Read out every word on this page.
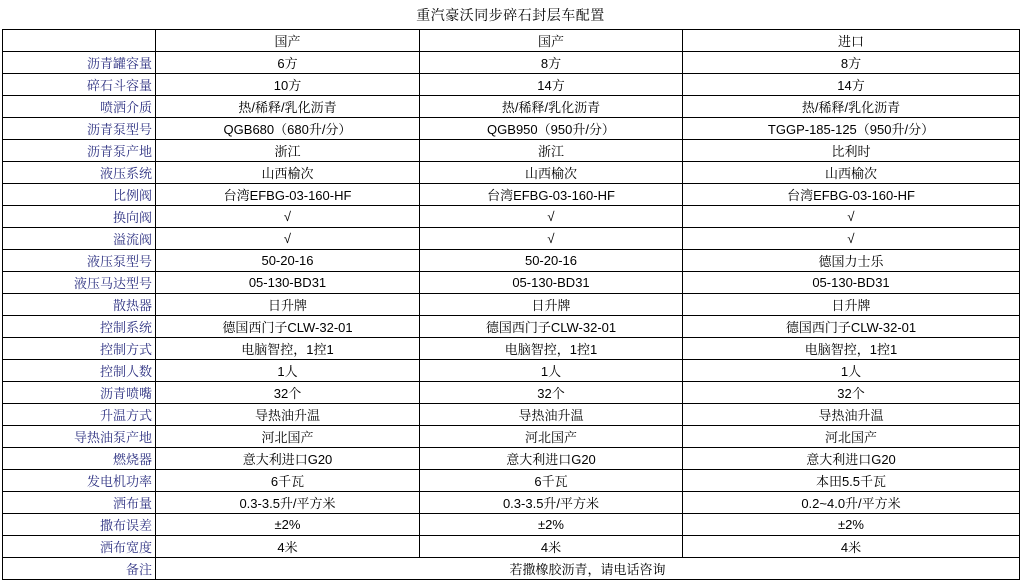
重汽豪沃同步碎石封层车配置
	国产	国产	进口
沥青罐容量	6方	8方	8方
碎石斗容量	10方	14方	14方
喷洒介质	热/稀释/乳化沥青	热/稀释/乳化沥青	热/稀释/乳化沥青
沥青泵型号	QGB680（680升/分）	QGB950（950升/分）	TGGP-185-125（950升/分）
沥青泵产地	浙江	浙江	比利时
液压系统	山西榆次	山西榆次	山西榆次
比例阀	台湾EFBG-03-160-HF	台湾EFBG-03-160-HF	台湾EFBG-03-160-HF
换向阀	√	√	√
溢流阀	√	√	√
液压泵型号	50-20-16	50-20-16	德国力士乐
液压马达型号	05-130-BD31	05-130-BD31	05-130-BD31
散热器	日升牌	日升牌	日升牌
控制系统	德国西门子CLW-32-01	德国西门子CLW-32-01	德国西门子CLW-32-01
控制方式	电脑智控，1控1	电脑智控，1控1	电脑智控，1控1
控制人数	1人	1人	1人
沥青喷嘴	32个	32个	32个
升温方式	导热油升温	导热油升温	导热油升温
导热油泵产地	河北国产	河北国产	河北国产
燃烧器	意大利进口G20	意大利进口G20	意大利进口G20
发电机功率	6千瓦	6千瓦	本田5.5千瓦
洒布量	0.3-3.5升/平方米	0.3-3.5升/平方米	0.2~4.0升/平方米
撒布误差	±2%	±2%	±2%
洒布宽度	4米	4米	4米
备注	若撒橡胶沥青，请电话咨询		
